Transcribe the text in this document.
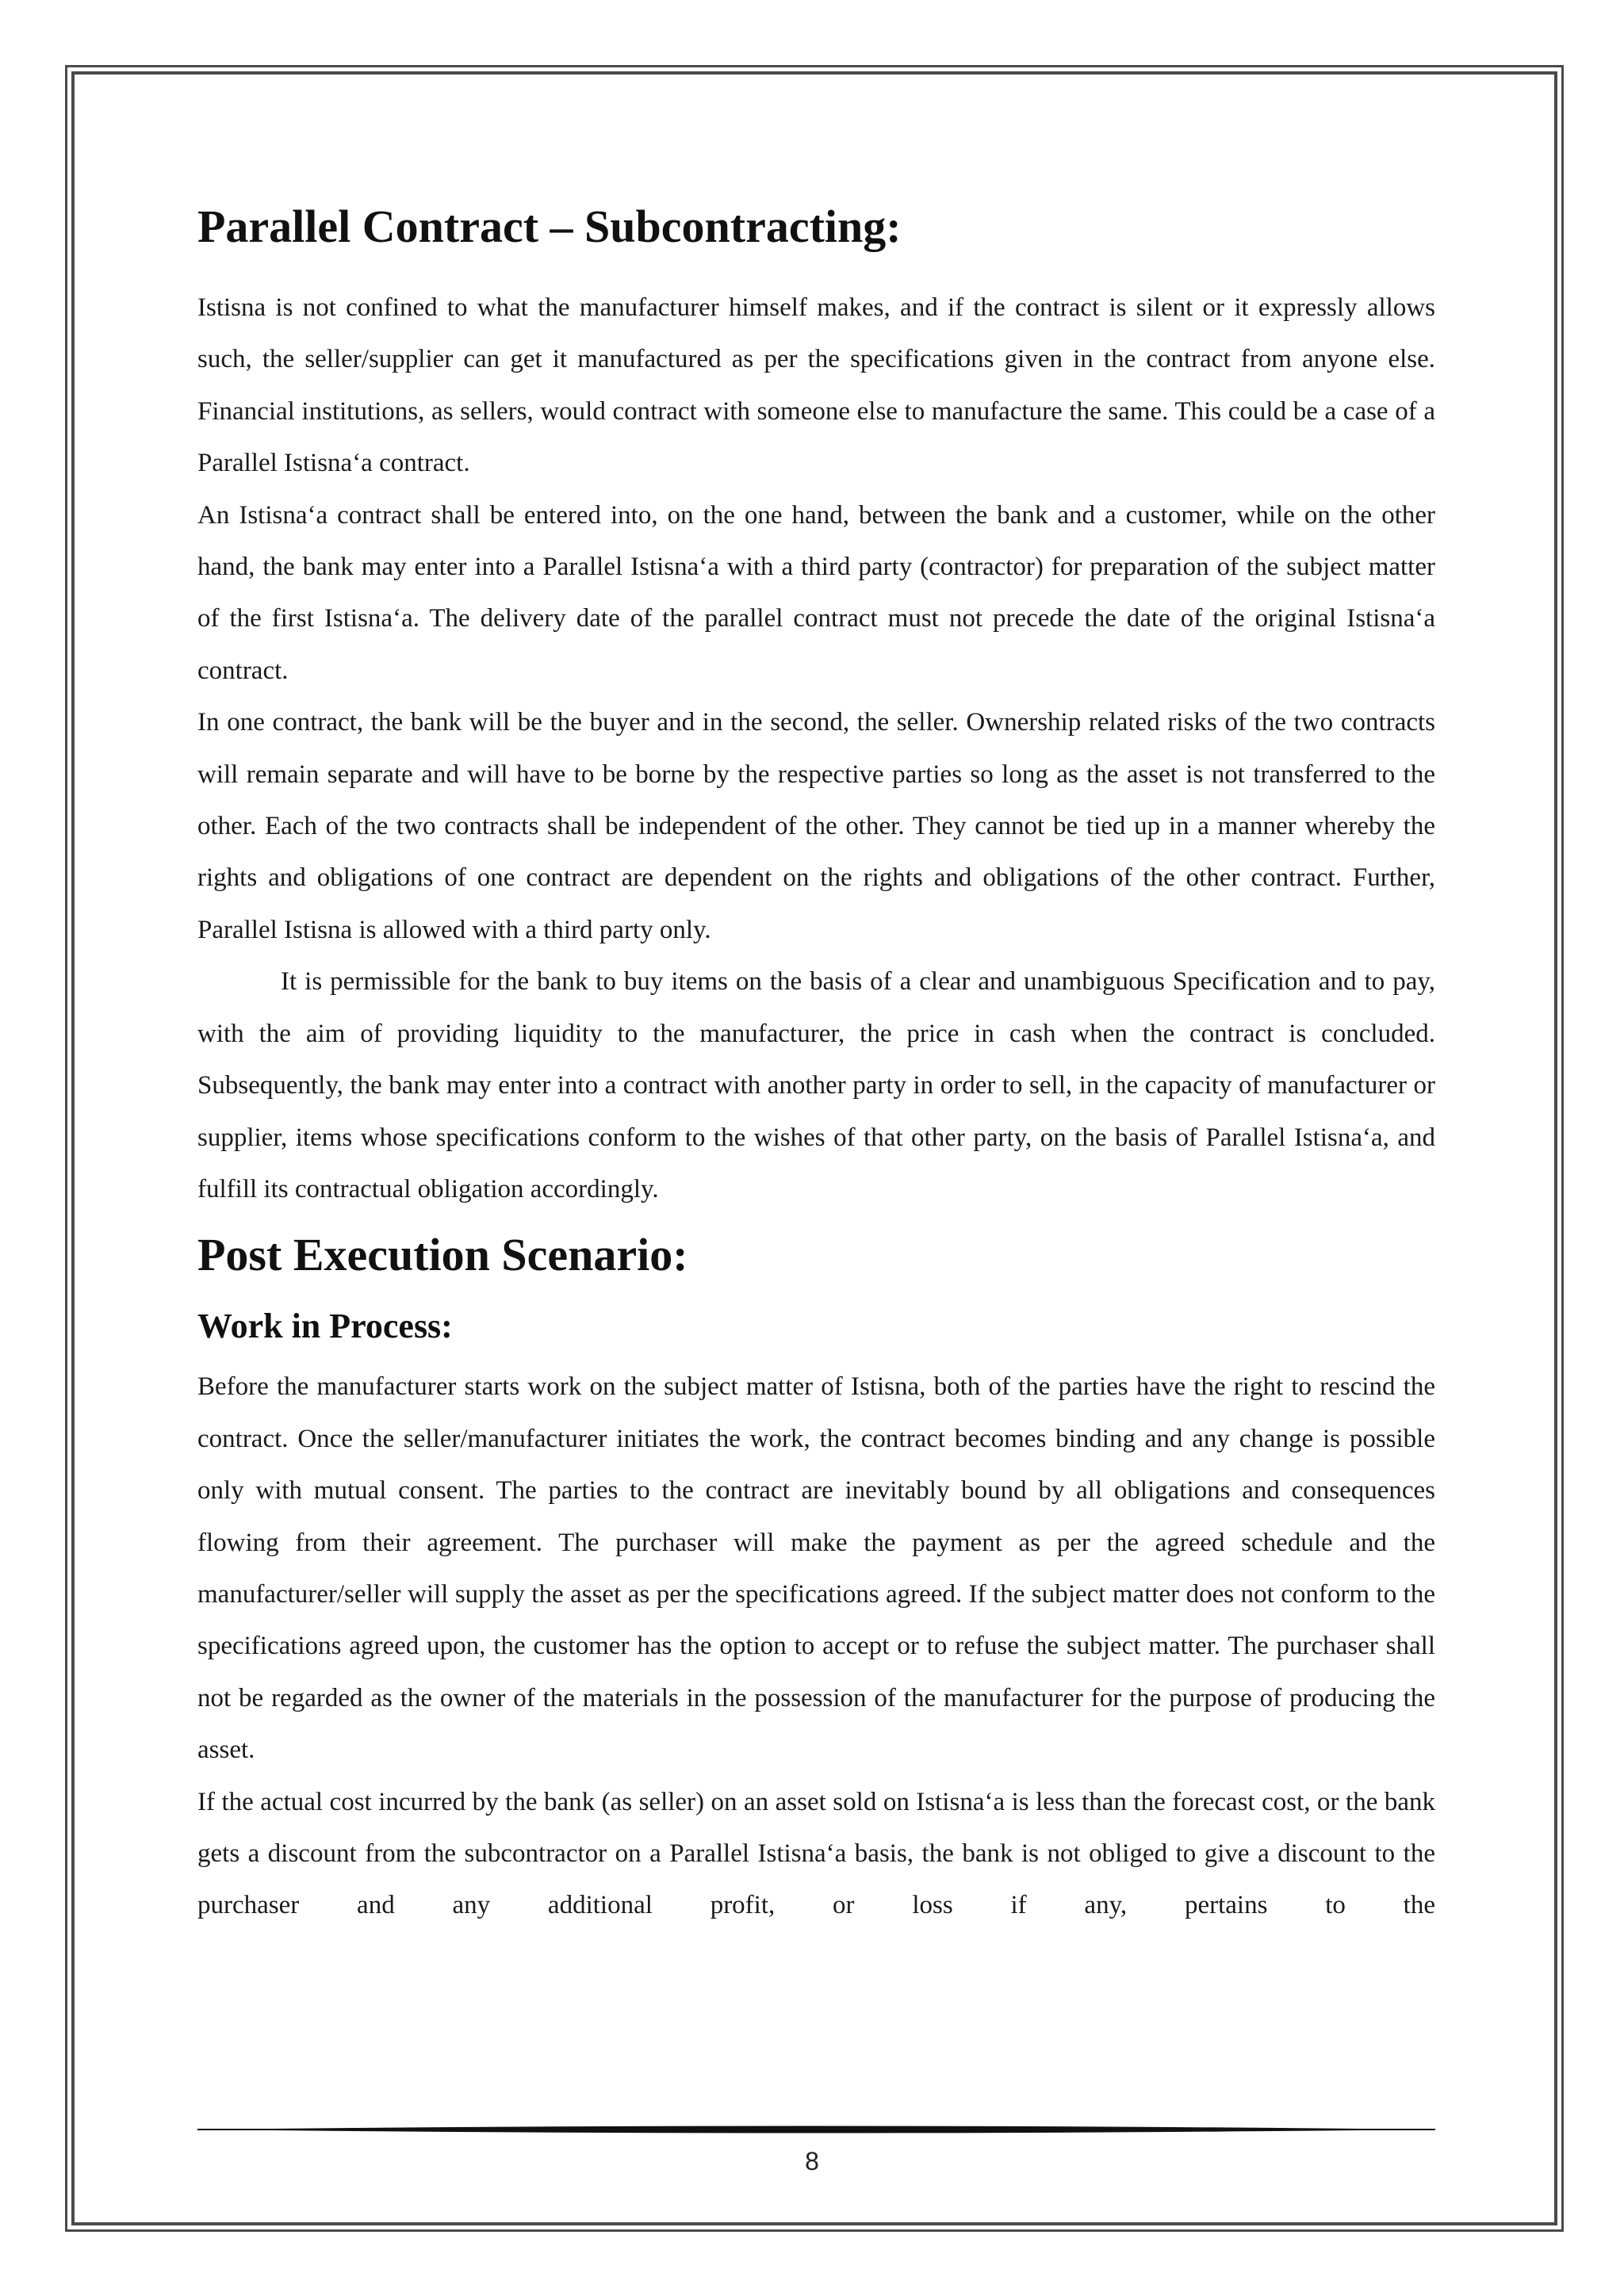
Parallel Contract – Subcontracting:

Istisna is not confined to what the manufacturer himself makes, and if the contract is silent or it expressly allows such, the seller/supplier can get it manufactured as per the specifications given in the contract from anyone else. Financial institutions, as sellers, would contract with someone else to manufacture the same. This could be a case of a Parallel Istisna‘a contract.

An Istisna‘a contract shall be entered into, on the one hand, between the bank and a customer, while on the other hand, the bank may enter into a Parallel Istisna‘a with a third party (contractor) for preparation of the subject matter of the first Istisna‘a. The delivery date of the parallel contract must not precede the date of the original Istisna‘a contract.

In one contract, the bank will be the buyer and in the second, the seller. Ownership related risks of the two contracts will remain separate and will have to be borne by the respective parties so long as the asset is not transferred to the other. Each of the two contracts shall be independent of the other. They cannot be tied up in a manner whereby the rights and obligations of one contract are dependent on the rights and obligations of the other contract. Further, Parallel Istisna is allowed with a third party only.

It is permissible for the bank to buy items on the basis of a clear and unambiguous Specification and to pay, with the aim of providing liquidity to the manufacturer, the price in cash when the contract is concluded. Subsequently, the bank may enter into a contract with another party in order to sell, in the capacity of manufacturer or supplier, items whose specifications conform to the wishes of that other party, on the basis of Parallel Istisna‘a, and fulfill its contractual obligation accordingly.

Post Execution Scenario:
Work in Process:

Before the manufacturer starts work on the subject matter of Istisna, both of the parties have the right to rescind the contract. Once the seller/manufacturer initiates the work, the contract becomes binding and any change is possible only with mutual consent. The parties to the contract are inevitably bound by all obligations and consequences flowing from their agreement. The purchaser will make the payment as per the agreed schedule and the manufacturer/seller will supply the asset as per the specifications agreed. If the subject matter does not conform to the specifications agreed upon, the customer has the option to accept or to refuse the subject matter. The purchaser shall not be regarded as the owner of the materials in the possession of the manufacturer for the purpose of producing the asset.

If the actual cost incurred by the bank (as seller) on an asset sold on Istisna‘a is less than the forecast cost, or the bank gets a discount from the subcontractor on a Parallel Istisna‘a basis, the bank is not obliged to give a discount to the purchaser and any additional profit, or loss if any, pertains to the

8
